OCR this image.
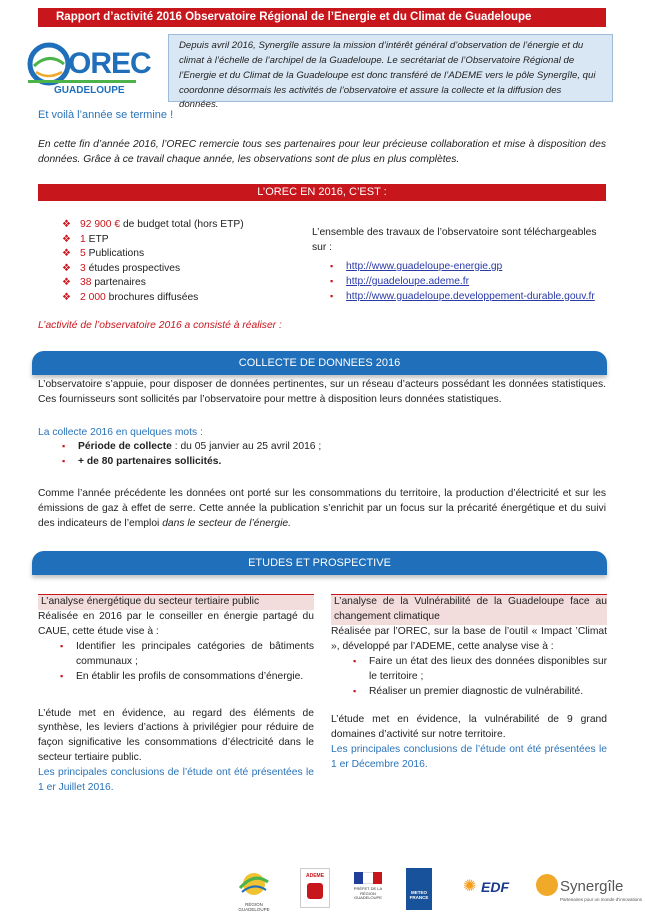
Rapport d’activité 2016 Observatoire Régional de l’Energie et du Climat de Guadeloupe
OREC
GUADELOUPE
Depuis avril 2016, Synergîle assure la mission d’intérêt général d’observation de l’énergie et du climat à l’échelle de l’archipel de la Guadeloupe. Le secrétariat de l’Observatoire Régional de l’Energie et du Climat de la Guadeloupe est donc transféré de l’ADEME vers le pôle Synergîle, qui coordonne désormais les activités de l’observatoire et assure la collecte et la diffusion des données.
Et voilà l’année se termine !
En cette fin d’année 2016, l’OREC remercie tous ses partenaires pour leur précieuse collaboration et mise à disposition des données. Grâce à ce travail chaque année, les observations sont de plus en plus complètes.
L’OREC EN 2016, C’EST :
❖ 92 900 € de budget total (hors ETP)
❖ 1 ETP
❖ 5 Publications
❖ 3 études prospectives
❖ 38 partenaires
❖ 2 000 brochures diffusées
L’ensemble des travaux de l’observatoire sont téléchargeables sur :
▪ http://www.guadeloupe-energie.gp
▪ http://guadeloupe.ademe.fr
▪ http://www.guadeloupe.developpement-durable.gouv.fr
L’activité de l’observatoire 2016 a consisté à réaliser :
COLLECTE DE DONNEES 2016
L’observatoire s’appuie, pour disposer de données pertinentes, sur un réseau d’acteurs possédant les données statistiques. Ces fournisseurs sont sollicités par l’observatoire pour mettre à disposition leurs données statistiques.
La collecte 2016 en quelques mots :
▪ Période de collecte : du 05 janvier au 25 avril 2016 ;
▪ + de 80 partenaires sollicités.
Comme l’année précédente les données ont porté sur les consommations du territoire, la production d’électricité et sur les émissions de gaz à effet de serre. Cette année la publication s’enrichit par un focus sur la précarité énergétique et du suivi des indicateurs de l’emploi dans le secteur de l’énergie.
ETUDES ET PROSPECTIVE
L’analyse énergétique du secteur tertiaire public
Réalisée en 2016 par le conseiller en énergie partagé du CAUE, cette étude vise à :
▪ Identifier les principales catégories de bâtiments communaux ;
▪ En établir les profils de consommations d’énergie.
L’étude met en évidence, au regard des éléments de synthèse, les leviers d’actions à privilégier pour réduire de façon significative les consommations d’électricité dans le secteur tertiaire public.
Les principales conclusions de l’étude ont été présentées le 1 er Juillet 2016.
L’analyse de la Vulnérabilité de la Guadeloupe face au changement climatique
Réalisée par l’OREC, sur la base de l’outil « Impact ’Climat », développé par l’ADEME, cette analyse vise à :
▪ Faire un état des lieux des données disponibles sur le territoire ;
▪ Réaliser un premier diagnostic de vulnérabilité.
L’étude met en évidence, la vulnérabilité de 9 grand domaines d’activité sur notre territoire.
Les principales conclusions de l’étude ont été présentées le 1 er Décembre 2016.
RÉGION GUADELOUPE
ADEME
PRÉFET DE LA RÉGION GUADELOUPE
METEO FRANCE
✺ EDF	Synergîle
Partenaires pour un monde d’innovations
